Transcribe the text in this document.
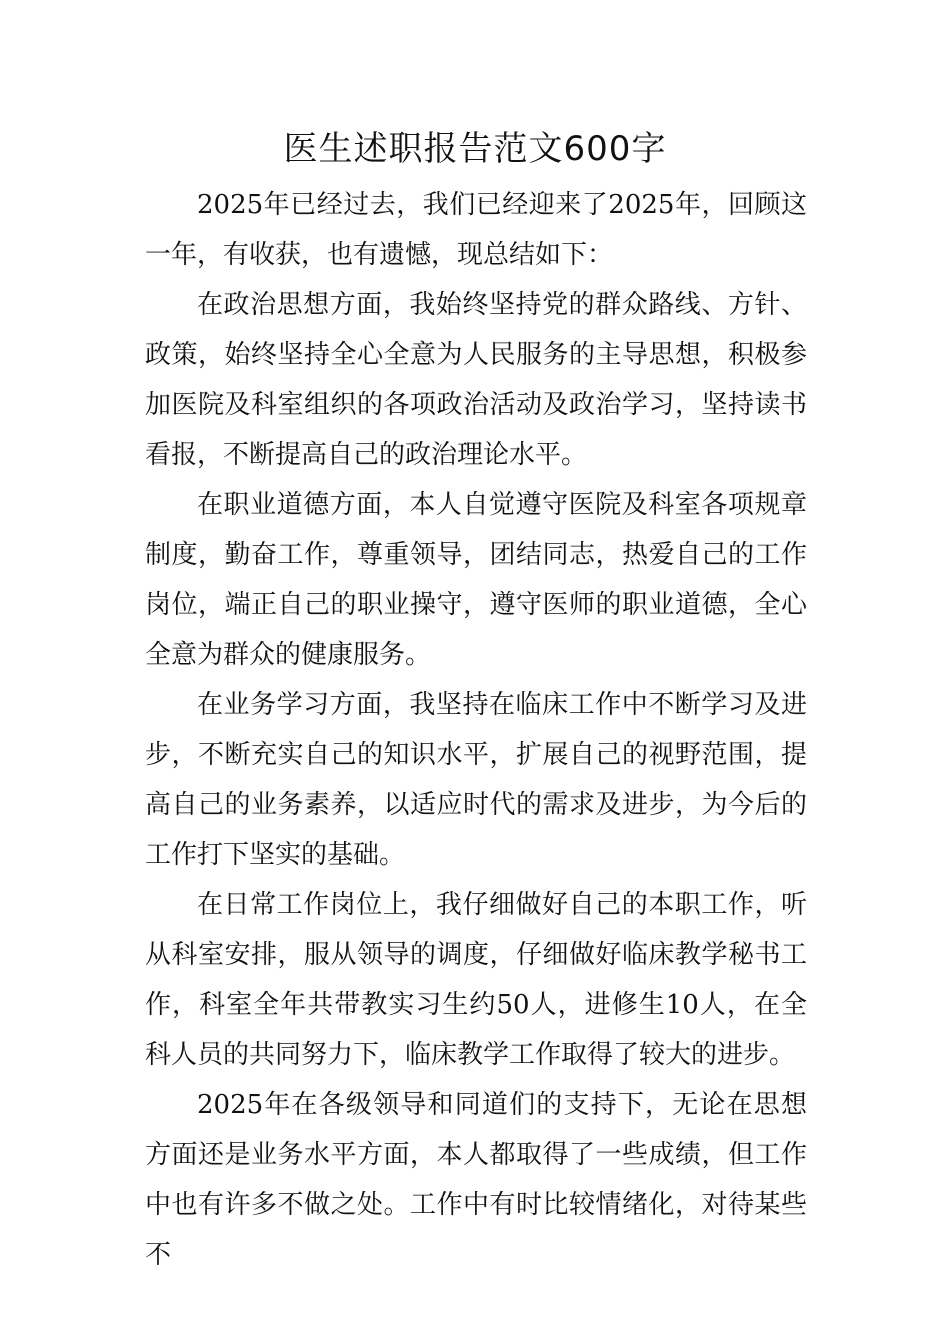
医生述职报告范文600字

2025年已经过去，我们已经迎来了2025年，回顾这一年，有收获，也有遗憾，现总结如下：

在政治思想方面，我始终坚持党的群众路线、方针、政策，始终坚持全心全意为人民服务的主导思想，积极参加医院及科室组织的各项政治活动及政治学习，坚持读书看报，不断提高自己的政治理论水平。

在职业道德方面，本人自觉遵守医院及科室各项规章制度，勤奋工作，尊重领导，团结同志，热爱自己的工作岗位，端正自己的职业操守，遵守医师的职业道德，全心全意为群众的健康服务。

在业务学习方面，我坚持在临床工作中不断学习及进步，不断充实自己的知识水平，扩展自己的视野范围，提高自己的业务素养，以适应时代的需求及进步，为今后的工作打下坚实的基础。

在日常工作岗位上，我仔细做好自己的本职工作，听从科室安排，服从领导的调度，仔细做好临床教学秘书工作，科室全年共带教实习生约50人，进修生10人，在全科人员的共同努力下，临床教学工作取得了较大的进步。

2025年在各级领导和同道们的支持下，无论在思想方面还是业务水平方面，本人都取得了一些成绩，但工作中也有许多不做之处。工作中有时比较情绪化，对待某些不
